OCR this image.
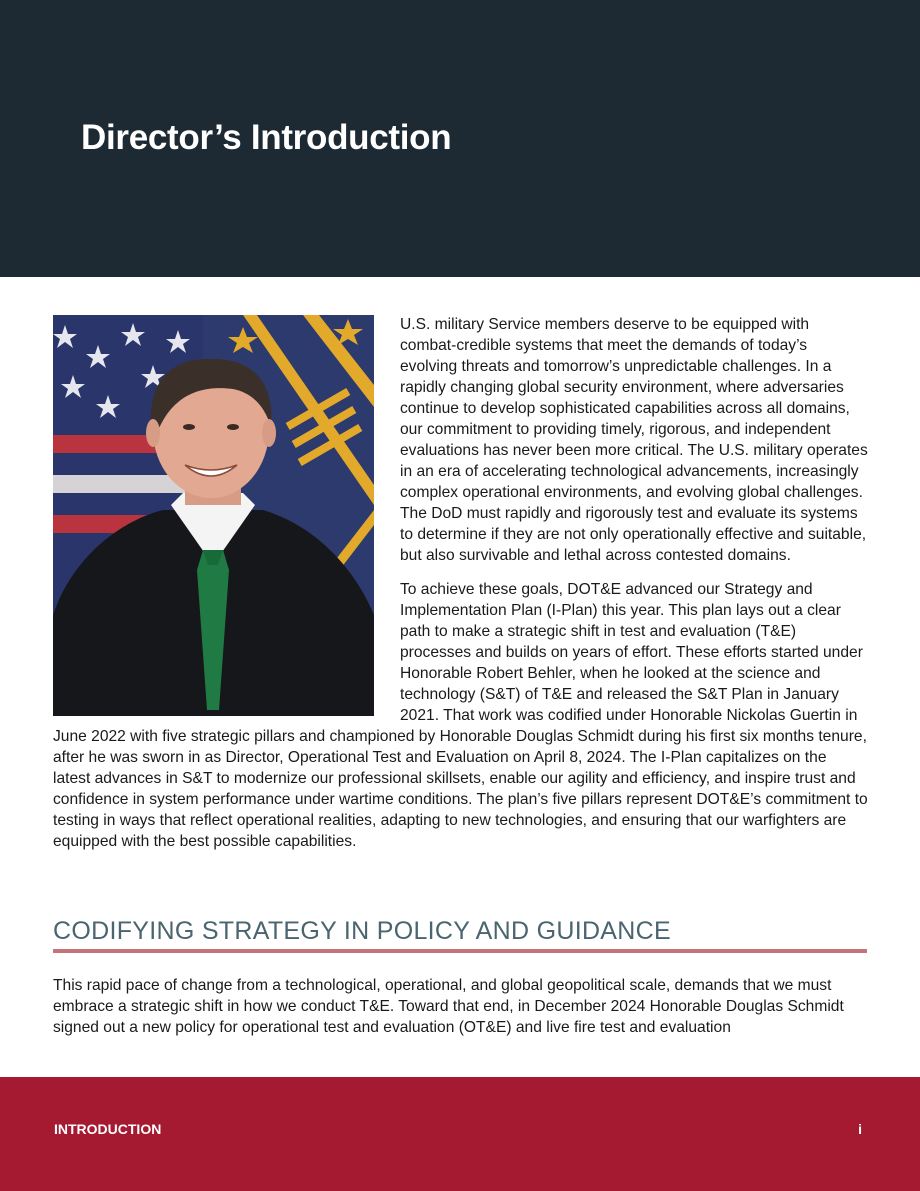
Director’s Introduction

U.S. military Service members deserve to be equipped with combat-credible systems that meet the demands of today’s evolving threats and tomorrow’s unpredictable challenges. In a rapidly changing global security environment, where adversaries continue to develop sophisticated capabilities across all domains, our commitment to providing timely, rigorous, and independent evaluations has never been more critical. The U.S. military operates in an era of accelerating technological advancements, increasingly complex operational environments, and evolving global challenges. The DoD must rapidly and rigorously test and evaluate its systems to determine if they are not only operationally effective and suitable, but also survivable and lethal across contested domains.

To achieve these goals, DOT&E advanced our Strategy and Implementation Plan (I-Plan) this year. This plan lays out a clear path to make a strategic shift in test and evaluation (T&E) processes and builds on years of effort. These efforts started under Honorable Robert Behler, when he looked at the science and technology (S&T) of T&E and released the S&T Plan in January 2021. That work was codified under Honorable Nickolas Guertin in June 2022 with five strategic pillars and championed by Honorable Douglas Schmidt during his first six months tenure, after he was sworn in as Director, Operational Test and Evaluation on April 8, 2024. The I-Plan capitalizes on the latest advances in S&T to modernize our professional skillsets, enable our agility and efficiency, and inspire trust and confidence in system performance under wartime conditions. The plan’s five pillars represent DOT&E’s commitment to testing in ways that reflect operational realities, adapting to new technologies, and ensuring that our warfighters are equipped with the best possible capabilities.

CODIFYING STRATEGY IN POLICY AND GUIDANCE

This rapid pace of change from a technological, operational, and global geopolitical scale, demands that we must embrace a strategic shift in how we conduct T&E. Toward that end, in December 2024 Honorable Douglas Schmidt signed out a new policy for operational test and evaluation (OT&E) and live fire test and evaluation

INTRODUCTION	i
